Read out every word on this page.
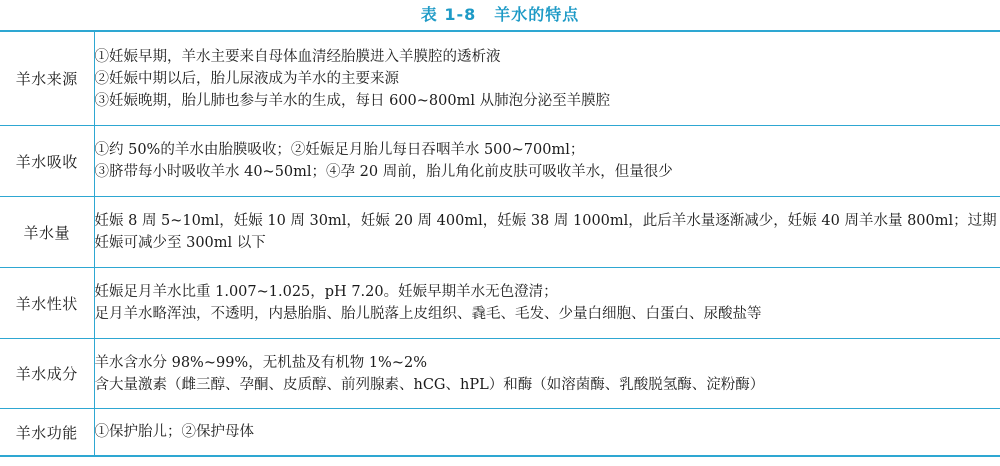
表 1-8 羊水的特点
羊水来源	①妊娠早期，羊水主要来自母体血清经胎膜进入羊膜腔的透析液
②妊娠中期以后，胎儿尿液成为羊水的主要来源
③妊娠晚期，胎儿肺也参与羊水的生成，每日 600~800ml 从肺泡分泌至羊膜腔

羊水吸收	①约 50%的羊水由胎膜吸收；②妊娠足月胎儿每日吞咽羊水 500~700ml；
③脐带每小时吸收羊水 40~50ml；④孕 20 周前，胎儿角化前皮肤可吸收羊水，但量很少

羊水量	妊娠 8 周 5~10ml，妊娠 10 周 30ml，妊娠 20 周 400ml，妊娠 38 周 1000ml，此后羊水量逐渐减少，妊娠 40 周羊水量 800ml；过期妊娠可减少至 300ml 以下

羊水性状	妊娠足月羊水比重 1.007~1.025，pH 7.20。妊娠早期羊水无色澄清；
足月羊水略浑浊，不透明，内悬胎脂、胎儿脱落上皮组织、毳毛、毛发、少量白细胞、白蛋白、尿酸盐等

羊水成分	羊水含水分 98%~99%，无机盐及有机物 1%~2%
含大量激素（雌三醇、孕酮、皮质醇、前列腺素、hCG、hPL）和酶（如溶菌酶、乳酸脱氢酶、淀粉酶）

羊水功能	①保护胎儿；②保护母体
